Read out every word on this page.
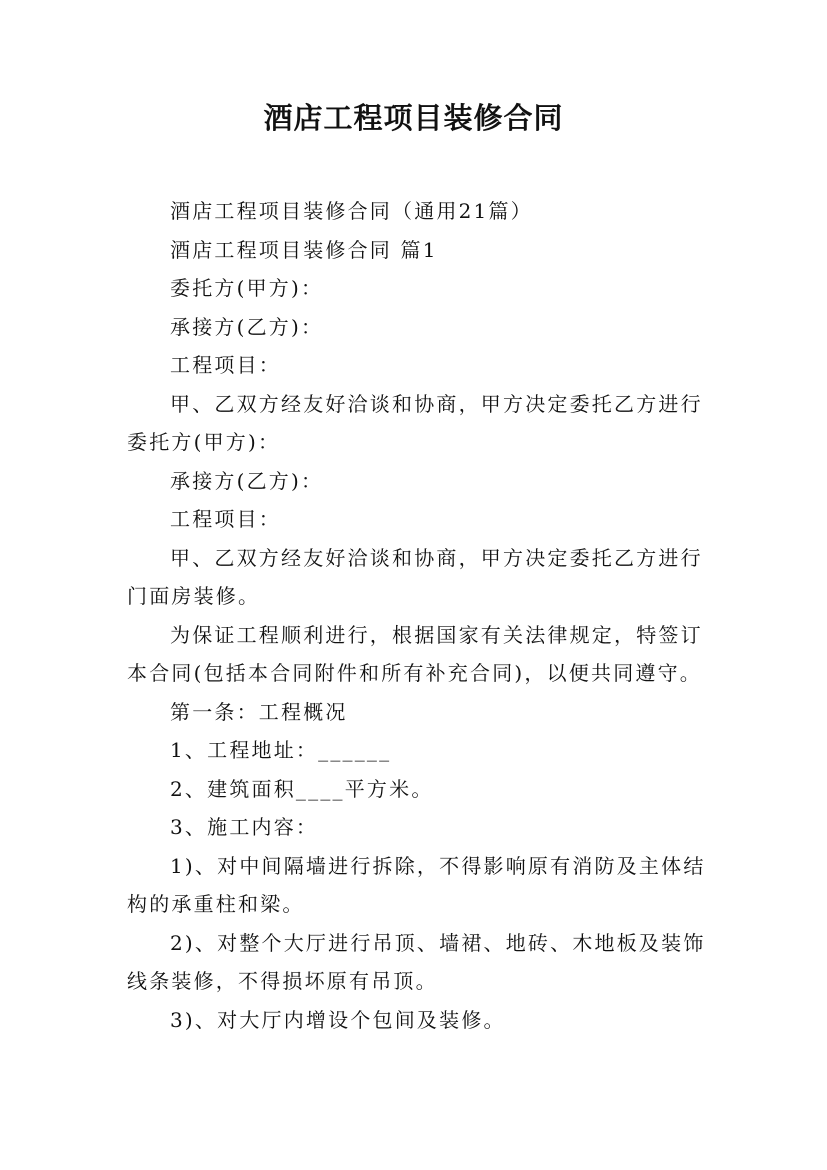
酒店工程项目装修合同

酒店工程项目装修合同（通用21篇）

酒店工程项目装修合同 篇1

委托方(甲方)：

承接方(乙方)：

工程项目：

甲、乙双方经友好洽谈和协商，甲方决定委托乙方进行

委托方(甲方)：

承接方(乙方)：

工程项目：

甲、乙双方经友好洽谈和协商，甲方决定委托乙方进行

门面房装修。

为保证工程顺利进行，根据国家有关法律规定，特签订

本合同(包括本合同附件和所有补充合同)，以便共同遵守。

第一条：工程概况

1、工程地址：______

2、建筑面积____平方米。

3、施工内容：

1)、对中间隔墙进行拆除，不得影响原有消防及主体结

构的承重柱和梁。

2)、对整个大厅进行吊顶、墙裙、地砖、木地板及装饰

线条装修，不得损坏原有吊顶。

3)、对大厅内增设个包间及装修。
